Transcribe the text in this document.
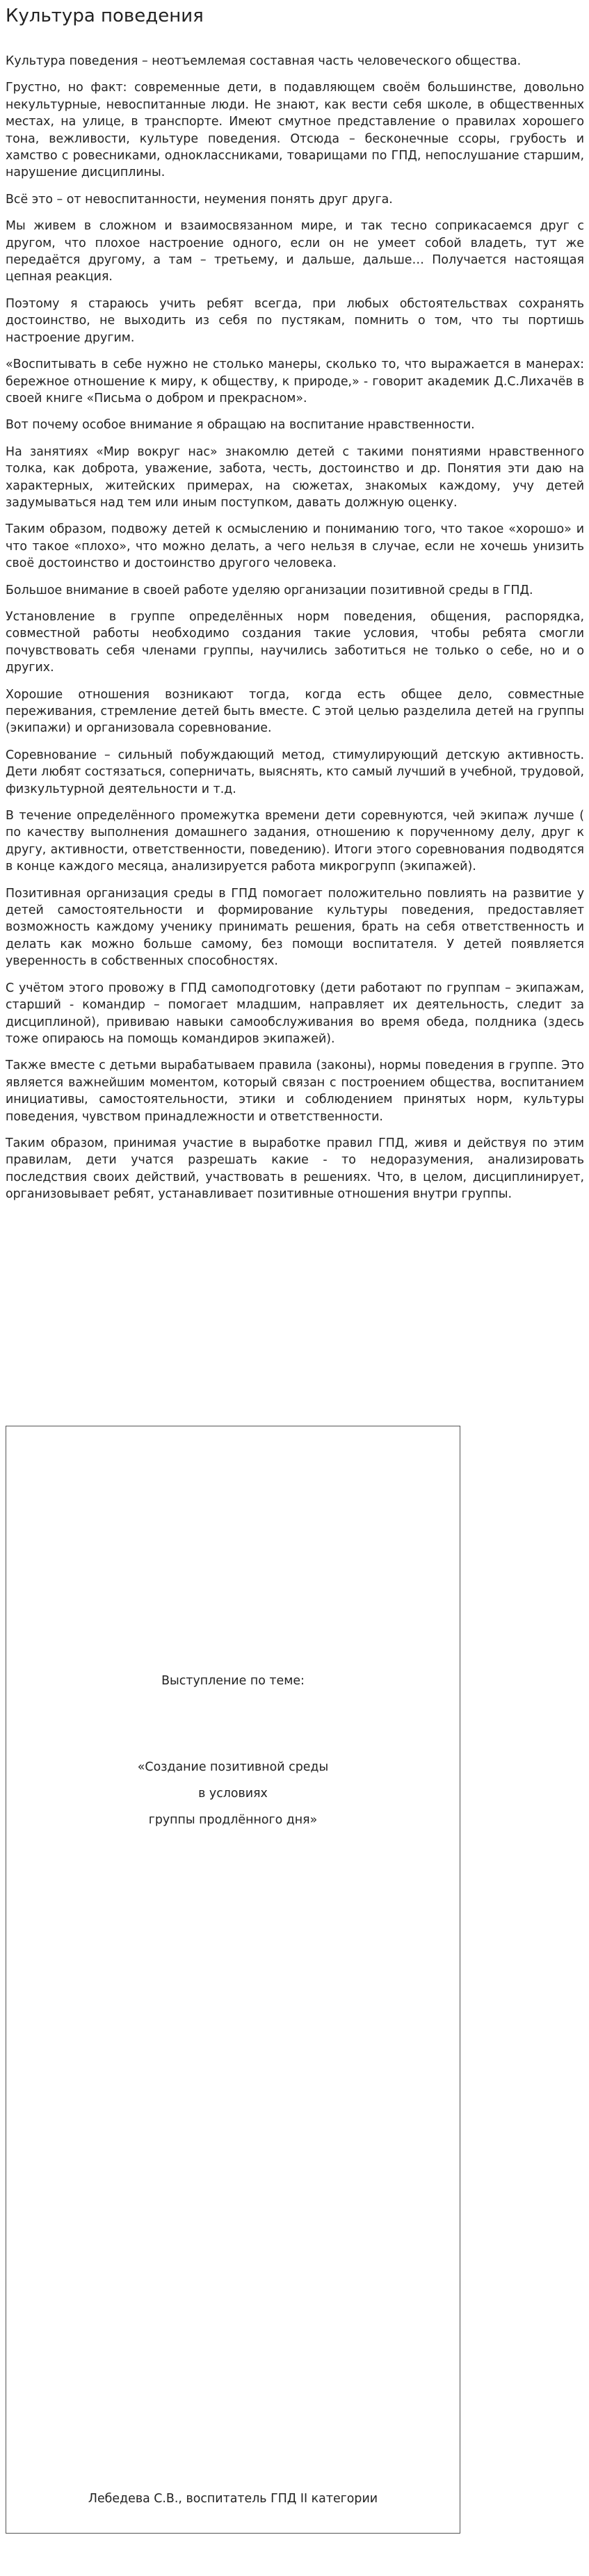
Культура поведения

Культура поведения – неотъемлемая составная часть человеческого общества.

Грустно, но факт: современные дети, в подавляющем своём большинстве, довольно некультурные, невоспитанные люди. Не знают, как вести себя школе, в общественных местах, на улице, в транспорте. Имеют смутное представление о правилах хорошего тона, вежливости, культуре поведения. Отсюда – бесконечные ссоры, грубость и хамство с ровесниками, одноклассниками, товарищами по ГПД, непослушание старшим, нарушение дисциплины.

Всё это – от невоспитанности, неумения понять друг друга.

Мы живем в сложном и взаимосвязанном мире, и так тесно соприкасаемся друг с другом, что плохое настроение одного, если он не умеет собой владеть, тут же передаётся другому, а там – третьему, и дальше, дальше… Получается настоящая цепная реакция.

Поэтому я стараюсь учить ребят всегда, при любых обстоятельствах сохранять достоинство, не выходить из себя по пустякам, помнить о том, что ты портишь настроение другим.

«Воспитывать в себе нужно не столько манеры, сколько то, что выражается в манерах: бережное отношение к миру, к обществу, к природе,» - говорит академик Д.С.Лихачёв в своей книге «Письма о добром и прекрасном».

Вот почему особое внимание я обращаю на воспитание нравственности.

На занятиях «Мир вокруг нас» знакомлю детей с такими понятиями нравственного толка, как доброта, уважение, забота, честь, достоинство и др. Понятия эти даю на характерных, житейских примерах, на сюжетах, знакомых каждому, учу детей задумываться над тем или иным поступком, давать должную оценку.

Таким образом, подвожу детей к осмыслению и пониманию того, что такое «хорошо» и что такое «плохо», что можно делать, а чего нельзя в случае, если не хочешь унизить своё достоинство и достоинство другого человека.

Большое внимание в своей работе уделяю организации позитивной среды в ГПД.

Установление в группе определённых норм поведения, общения, распорядка, совместной работы необходимо создания такие условия, чтобы ребята смогли почувствовать себя членами группы, научились заботиться не только о себе, но и о других.

Хорошие отношения возникают тогда, когда есть общее дело, совместные переживания, стремление детей быть вместе. С этой целью разделила детей на группы (экипажи) и организовала соревнование.

Соревнование – сильный побуждающий метод, стимулирующий детскую активность. Дети любят состязаться, соперничать, выяснять, кто самый лучший в учебной, трудовой, физкультурной деятельности и т.д.

В течение определённого промежутка времени дети соревнуются, чей экипаж лучше ( по качеству выполнения домашнего задания, отношению к порученному делу, друг к другу, активности, ответственности, поведению). Итоги этого соревнования подводятся в конце каждого месяца, анализируется работа микрогрупп (экипажей).

Позитивная организация среды в ГПД помогает положительно повлиять на развитие у детей самостоятельности и формирование культуры поведения, предоставляет возможность каждому ученику принимать решения, брать на себя ответственность и делать как можно больше самому, без помощи воспитателя. У детей появляется уверенность в собственных способностях.

С учётом этого провожу в ГПД самоподготовку (дети работают по группам – экипажам, старший - командир – помогает младшим, направляет их деятельность, следит за дисциплиной), прививаю навыки самообслуживания во время обеда, полдника (здесь тоже опираюсь на помощь командиров экипажей).

Также вместе с детьми вырабатываем правила (законы), нормы поведения в группе. Это является важнейшим моментом, который связан с построением общества, воспитанием инициативы, самостоятельности, этики и соблюдением принятых норм, культуры поведения, чувством принадлежности и ответственности.

Таким образом, принимая участие в выработке правил ГПД, живя и действуя по этим правилам, дети учатся разрешать какие - то недоразумения, анализировать последствия своих действий, участвовать в решениях. Что, в целом, дисциплинирует, организовывает ребят, устанавливает позитивные отношения внутри группы.

Выступление по теме:
«Создание позитивной среды
в условиях
группы продлённого дня»
Лебедева С.В., воспитатель ГПД II категории
